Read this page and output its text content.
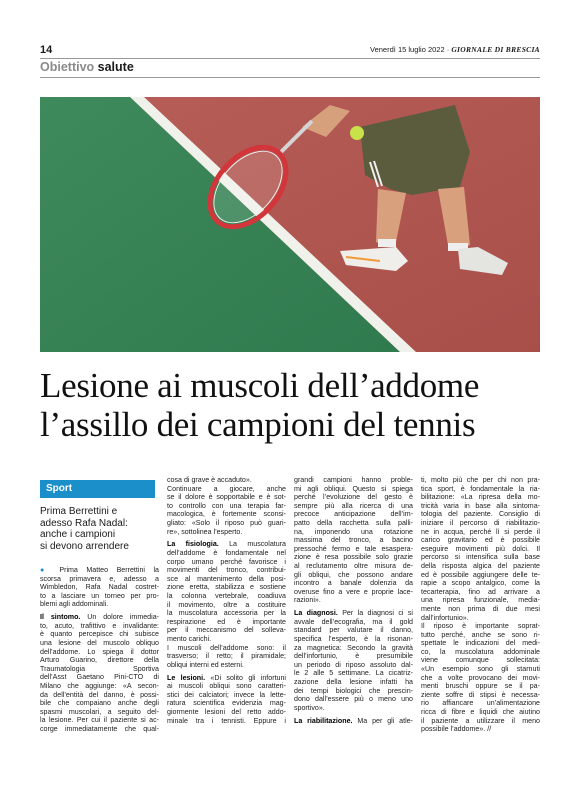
14	Venerdì 15 luglio 2022 · GIORNALE DI BRESCIA
Obiettivo salute
Lesione ai muscoli dell’addome
l’assillo dei campioni del tennis
Sport
Prima Berrettini e
adesso Rafa Nadal:
anche i campioni
si devono arrendere
● Prima Matteo Berrettini la
scorsa primavera e, adesso a
Wimbledon, Rafa Nadal costret-
to a lasciare un torneo per pro-
blemi agli addominali.
Il sintomo. Un dolore immedia-
to, acuto, trafittivo e invalidante:
è quanto percepisce chi subisce
una lesione del muscolo obliquo
dell’addome. Lo spiega il dottor
Arturo Guarino, direttore della
Traumatologia Sportiva
dell’Asst Gaetano Pini-CTO di
Milano che aggiunge: «A secon-
da dell’entità del danno, è possi-
bile che compaiano anche degli
spasmi muscolari, a seguito del-
la lesione. Per cui il paziente si ac-
corge immediatamente che qual-
cosa di grave è accaduto».
Continuare a giocare, anche
se il dolore è sopportabile e è sot-
to controllo con una terapia far-
macologica, è fortemente sconsi-
gliato: «Solo il riposo può guari-
re», sottolinea l’esperto.
La fisiologia. La muscolatura
dell’addome è fondamentale nel
corpo umano perché favorisce i
movimenti del tronco, contribui-
sce al mantenimento della posi-
zione eretta, stabilizza e sostiene
la colonna vertebrale, coadiuva
il movimento, oltre a costituire
la muscolatura accessoria per la
respirazione ed è importante
per il meccanismo del solleva-
mento carichi.
I muscoli dell’addome sono: il
trasverso; il retto; il piramidale;
obliqui interni ed esterni.
Le lesioni. «Di solito gli infortuni
ai muscoli obliqui sono caratteri-
stici dei calciatori; invece la lette-
ratura scientifica evidenzia mag-
giormente lesioni del retto addo-
minale tra i tennisti. Eppure i
grandi campioni hanno proble-
mi agli obliqui. Questo si spiega
perché l’evoluzione del gesto è
sempre più alla ricerca di una
precoce anticipazione dell’im-
patto della racchetta sulla palli-
na, imponendo una rotazione
massima del tronco, a bacino
pressoché fermo e tale esaspera-
zione è resa possibile solo grazie
al reclutamento oltre misura de-
gli obliqui, che possono andare
incontro a banale dolenzia da
overuse fino a vere e proprie lace-
razioni».
La diagnosi. Per la diagnosi ci si
avvale dell’ecografia, ma il gold
standard per valutare il danno,
specifica l’esperto, è la risonan-
za magnetica: Secondo la gravità
dell’infortunio, è presumibile
un periodo di riposo assoluto dal-
le 2 alle 5 settimane. La cicatriz-
zazione della lesione infatti ha
dei tempi biologici che prescin-
dono dall’essere più o meno uno
sportivo».
La riabilitazione. Ma per gli atle-
ti, molto più che per chi non pra-
tica sport, è fondamentale la ria-
bilitazione: «La ripresa della mo-
tricità varia in base alla sintoma-
tologia del paziente. Consiglio di
iniziare il percorso di riabilitazio-
ne in acqua, perché lì si perde il
carico gravitario ed è possibile
eseguire movimenti più dolci. Il
percorso si intensifica sulla base
della risposta algica del paziente
ed è possibile aggiungere delle te-
rapie a scopo antalgico, come la
tecarterapia, fino ad arrivare a
una ripresa funzionale, media-
mente non prima di due mesi
dall’infortunio».
Il riposo è importante soprat-
tutto perché, anche se sono ri-
spettate le indicazioni del medi-
co, la muscolatura addominale
viene comunque sollecitata:
«Un esempio sono gli starnuti
che a volte provocano dei movi-
menti bruschi oppure se il pa-
ziente soffre di stipsi è necessa-
rio affiancare un’alimentazione
ricca di fibre e liquidi che aiutino
il paziente a utilizzare il meno
possibile l’addome». //
